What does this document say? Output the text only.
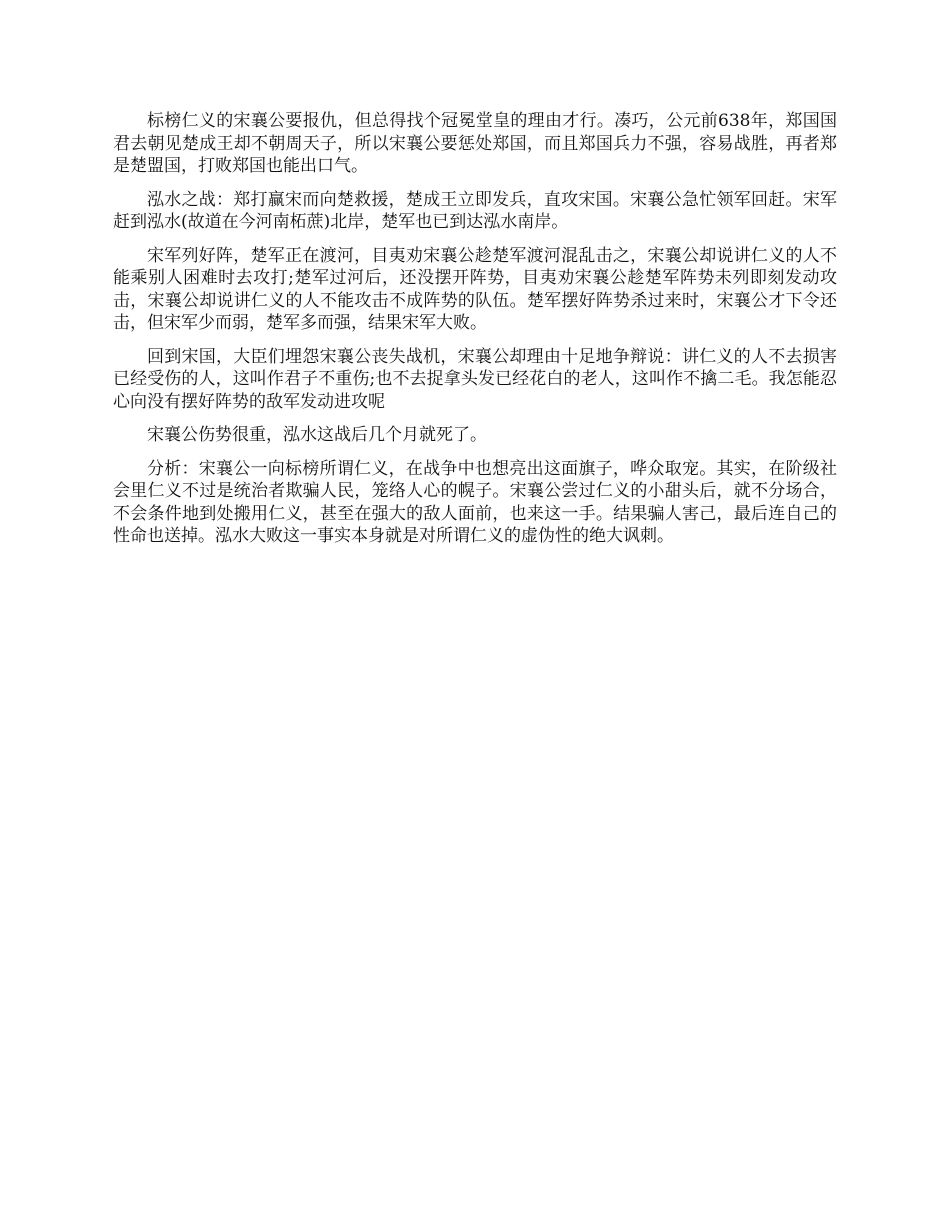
标榜仁义的宋襄公要报仇，但总得找个冠冕堂皇的理由才行。凑巧，公元前638年，郑国国君去朝见楚成王却不朝周天子，所以宋襄公要惩处郑国，而且郑国兵力不强，容易战胜，再者郑是楚盟国，打败郑国也能出口气。

泓水之战：郑打赢宋而向楚救援，楚成王立即发兵，直攻宋国。宋襄公急忙领军回赶。宋军赶到泓水(故道在今河南柘蔗)北岸，楚军也已到达泓水南岸。

宋军列好阵，楚军正在渡河，目夷劝宋襄公趁楚军渡河混乱击之，宋襄公却说讲仁义的人不能乘别人困难时去攻打;楚军过河后，还没摆开阵势，目夷劝宋襄公趁楚军阵势未列即刻发动攻击，宋襄公却说讲仁义的人不能攻击不成阵势的队伍。楚军摆好阵势杀过来时，宋襄公才下令还击，但宋军少而弱，楚军多而强，结果宋军大败。

回到宋国，大臣们埋怨宋襄公丧失战机，宋襄公却理由十足地争辩说：讲仁义的人不去损害已经受伤的人，这叫作君子不重伤;也不去捉拿头发已经花白的老人，这叫作不擒二毛。我怎能忍心向没有摆好阵势的敌军发动进攻呢

宋襄公伤势很重，泓水这战后几个月就死了。

分析：宋襄公一向标榜所谓仁义，在战争中也想亮出这面旗子，哗众取宠。其实，在阶级社会里仁义不过是统治者欺骗人民，笼络人心的幌子。宋襄公尝过仁义的小甜头后，就不分场合，不会条件地到处搬用仁义，甚至在强大的敌人面前，也来这一手。结果骗人害己，最后连自己的性命也送掉。泓水大败这一事实本身就是对所谓仁义的虚伪性的绝大讽刺。
